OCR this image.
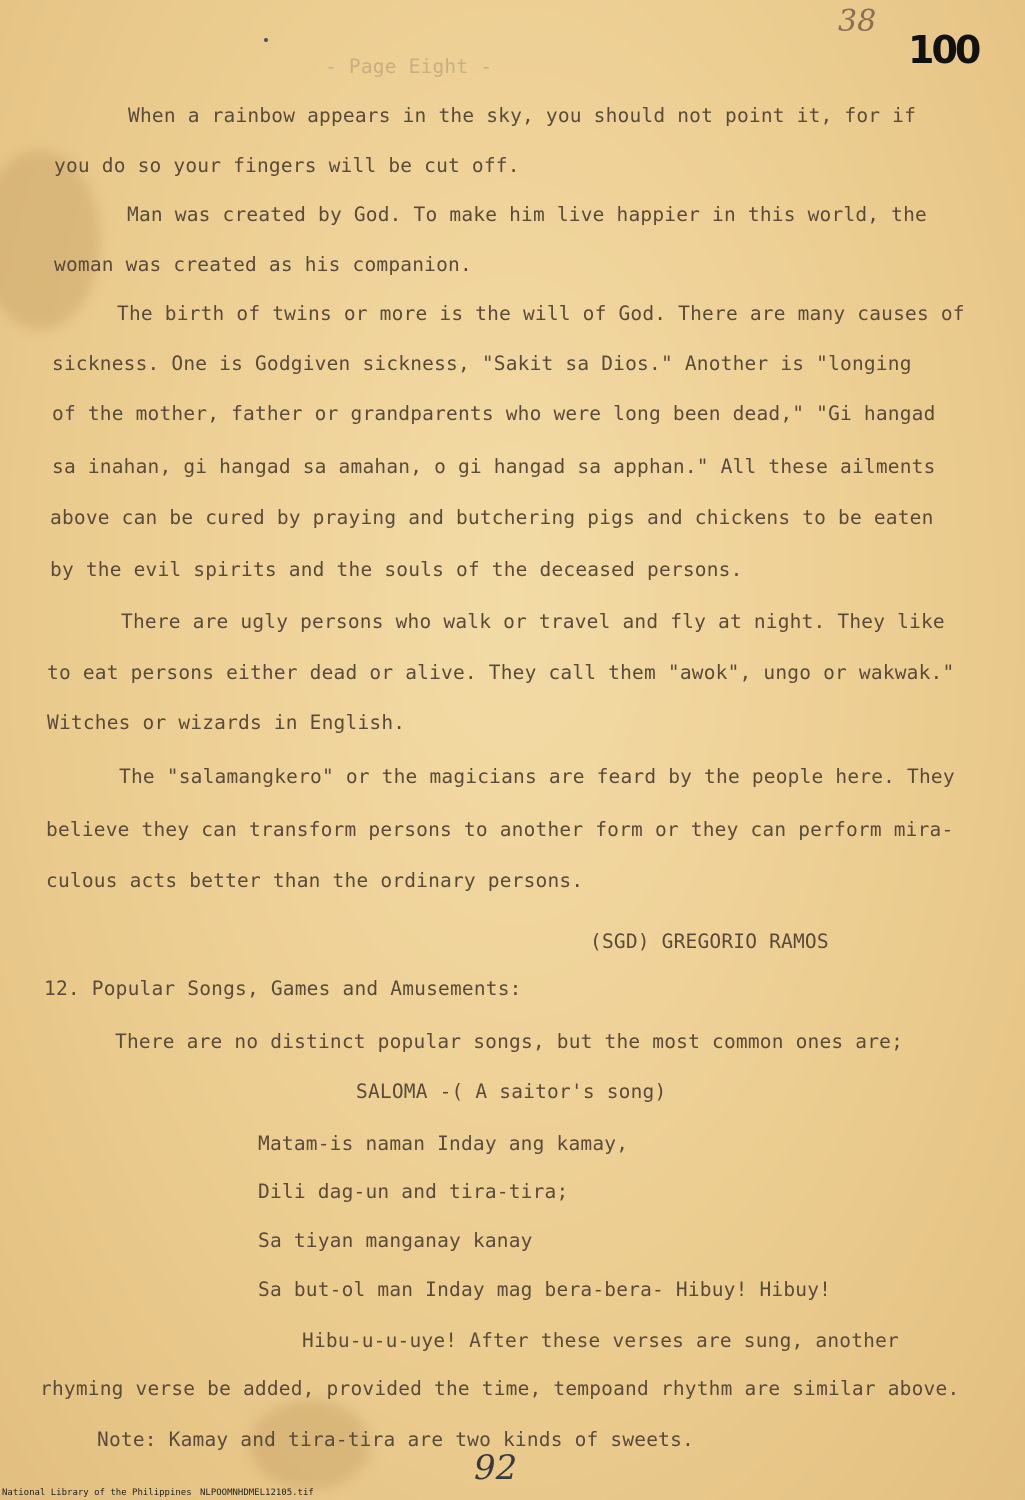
38
100
- Page Eight -
When a rainbow appears in the sky, you should not point it, for if
you do so your fingers will be cut off.
Man was created by God. To make him live happier in this world, the
woman was created as his companion.
The birth of twins or more is the will of God. There are many causes of
sickness. One is Godgiven sickness, "Sakit sa Dios." Another is "longing
of the mother, father or grandparents who were long been dead," "Gi hangad
sa inahan, gi hangad sa amahan, o gi hangad sa apphan." All these ailments
above can be cured by praying and butchering pigs and chickens to be eaten
by the evil spirits and the souls of the deceased persons.
There are ugly persons who walk or travel and fly at night. They like
to eat persons either dead or alive. They call them "awok", ungo or wakwak."
Witches or wizards in English.
The "salamangkero" or the magicians are feard by the people here. They
believe they can transform persons to another form or they can perform mira-
culous acts better than the ordinary persons.
(SGD) GREGORIO RAMOS
12. Popular Songs, Games and Amusements:
There are no distinct popular songs, but the most common ones are;
SALOMA -( A saitor's song)
Matam-is naman Inday ang kamay,
Dili dag-un and tira-tira;
Sa tiyan manganay kanay
Sa but-ol man Inday mag bera-bera- Hibuy! Hibuy!
Hibu-u-u-uye! After these verses are sung, another
rhyming verse be added, provided the time, tempoand rhythm are similar above.
Note: Kamay and tira-tira are two kinds of sweets.
92
National Library of the Philippines NLPOOMNHDMEL12105.tif
